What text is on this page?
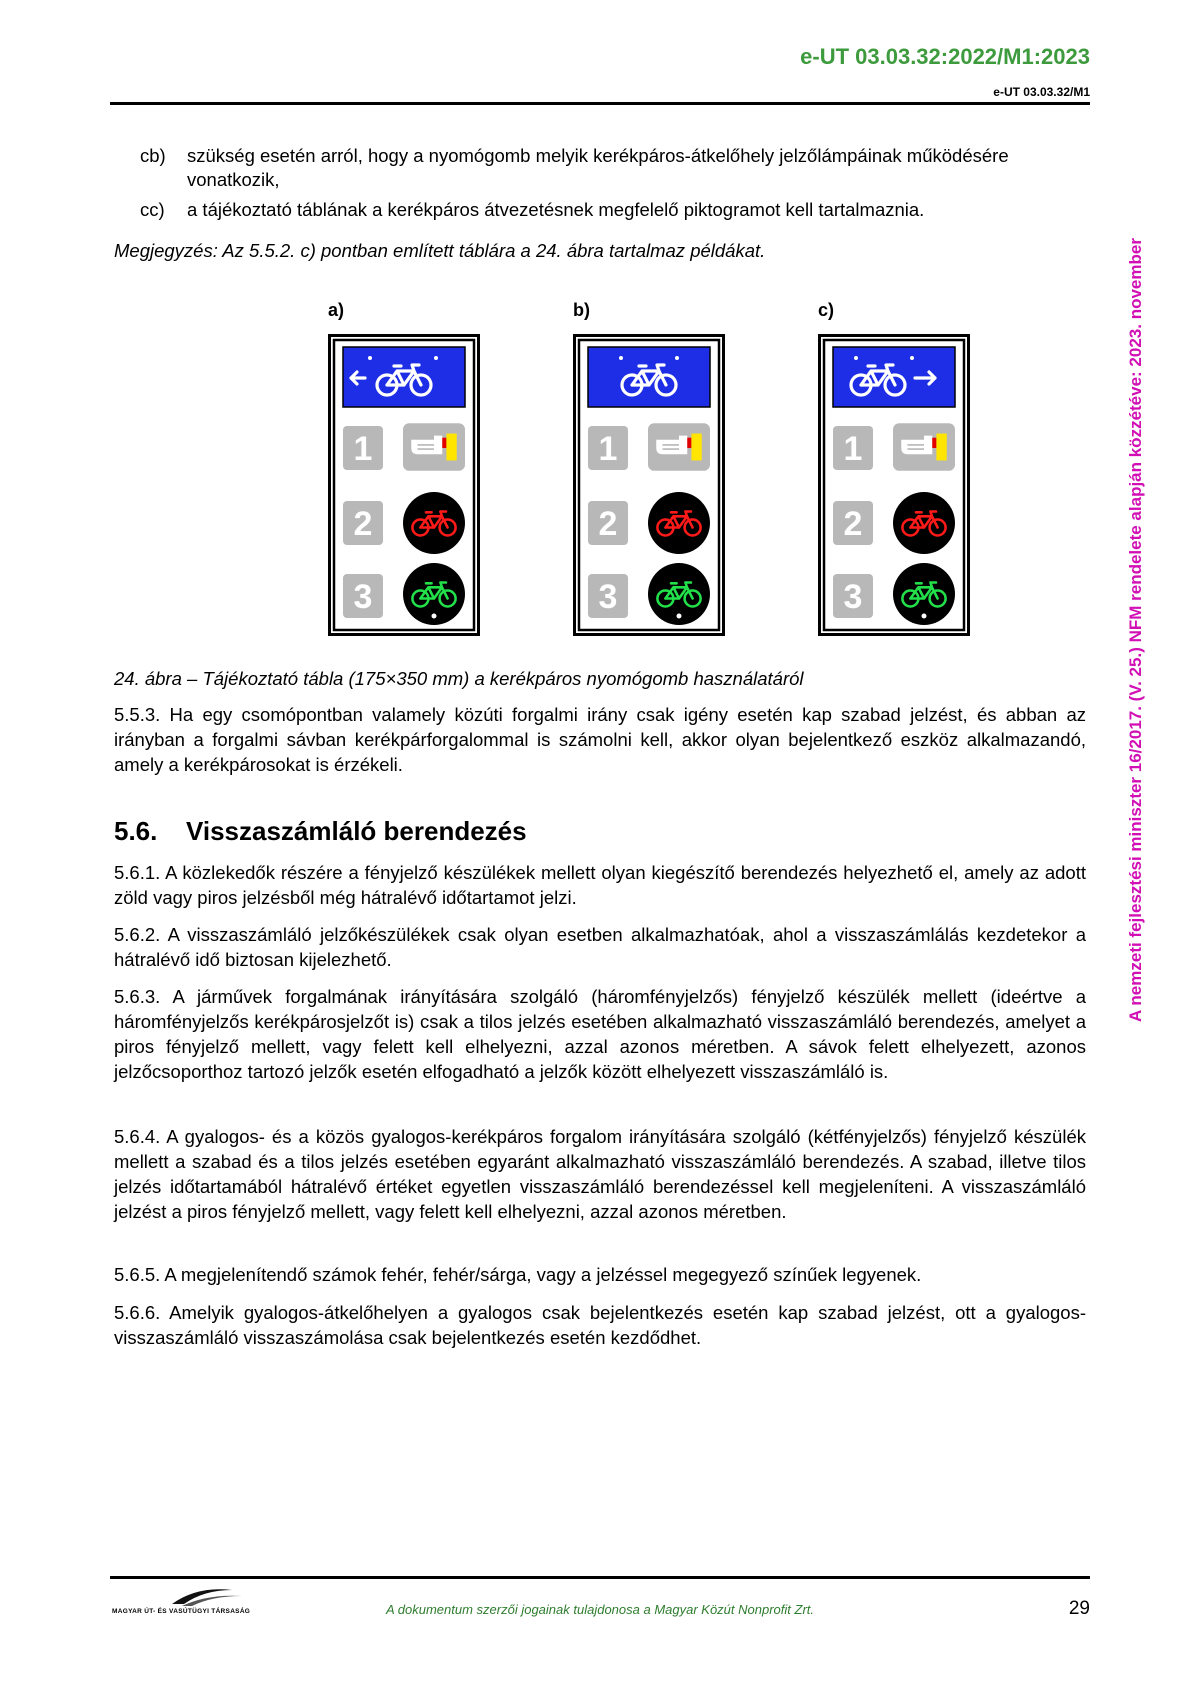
e-UT 03.03.32:2022/M1:2023
e-UT 03.03.32/M1
A nemzeti fejlesztési miniszter 16/2017. (V. 25.) NFM rendelete alapján közzétéve: 2023. november
cb)	szükség esetén arról, hogy a nyomógomb melyik kerékpáros-átkelőhely jelzőlámpáinak működésére vonatkozik,
cc)	a tájékoztató táblának a kerékpáros átvezetésnek megfelelő piktogramot kell tartalmaznia.
Megjegyzés: Az 5.5.2. c) pontban említett táblára a 24. ábra tartalmaz példákat.
a)	b)	c)
1
2
3
1
2
3
1
2
3
24. ábra – Tájékoztató tábla (175×350 mm) a kerékpáros nyomógomb használatáról
5.5.3. Ha egy csomópontban valamely közúti forgalmi irány csak igény esetén kap szabad jelzést, és abban az irányban a forgalmi sávban kerékpárforgalommal is számolni kell, akkor olyan bejelentkező eszköz alkalmazandó, amely a kerékpárosokat is érzékeli.
5.6. Visszaszámláló berendezés
5.6.1. A közlekedők részére a fényjelző készülékek mellett olyan kiegészítő berendezés helyezhető el, amely az adott zöld vagy piros jelzésből még hátralévő időtartamot jelzi.
5.6.2. A visszaszámláló jelzőkészülékek csak olyan esetben alkalmazhatóak, ahol a visszaszámlálás kezdetekor a hátralévő idő biztosan kijelezhető.
5.6.3. A járművek forgalmának irányítására szolgáló (háromfényjelzős) fényjelző készülék mellett (ideértve a háromfényjelzős kerékpárosjelzőt is) csak a tilos jelzés esetében alkalmazható visszaszámláló berendezés, amelyet a piros fényjelző mellett, vagy felett kell elhelyezni, azzal azonos méretben. A sávok felett elhelyezett, azonos jelzőcsoporthoz tartozó jelzők esetén elfogadható a jelzők között elhelyezett visszaszámláló is.
5.6.4. A gyalogos- és a közös gyalogos-kerékpáros forgalom irányítására szolgáló (kétfényjelzős) fényjelző készülék mellett a szabad és a tilos jelzés esetében egyaránt alkalmazható visszaszámláló berendezés. A szabad, illetve tilos jelzés időtartamából hátralévő értéket egyetlen visszaszámláló berendezéssel kell megjeleníteni. A visszaszámláló jelzést a piros fényjelző mellett, vagy felett kell elhelyezni, azzal azonos méretben.
5.6.5. A megjelenítendő számok fehér, fehér/sárga, vagy a jelzéssel megegyező színűek legyenek.
5.6.6. Amelyik gyalogos-átkelőhelyen a gyalogos csak bejelentkezés esetén kap szabad jelzést, ott a gyalogos-visszaszámláló visszaszámolása csak bejelentkezés esetén kezdődhet.
MAGYAR ÚT- ÉS VASÚTÜGYI TÁRSASÁG	A dokumentum szerzői jogainak tulajdonosa a Magyar Közút Nonprofit Zrt.	29
